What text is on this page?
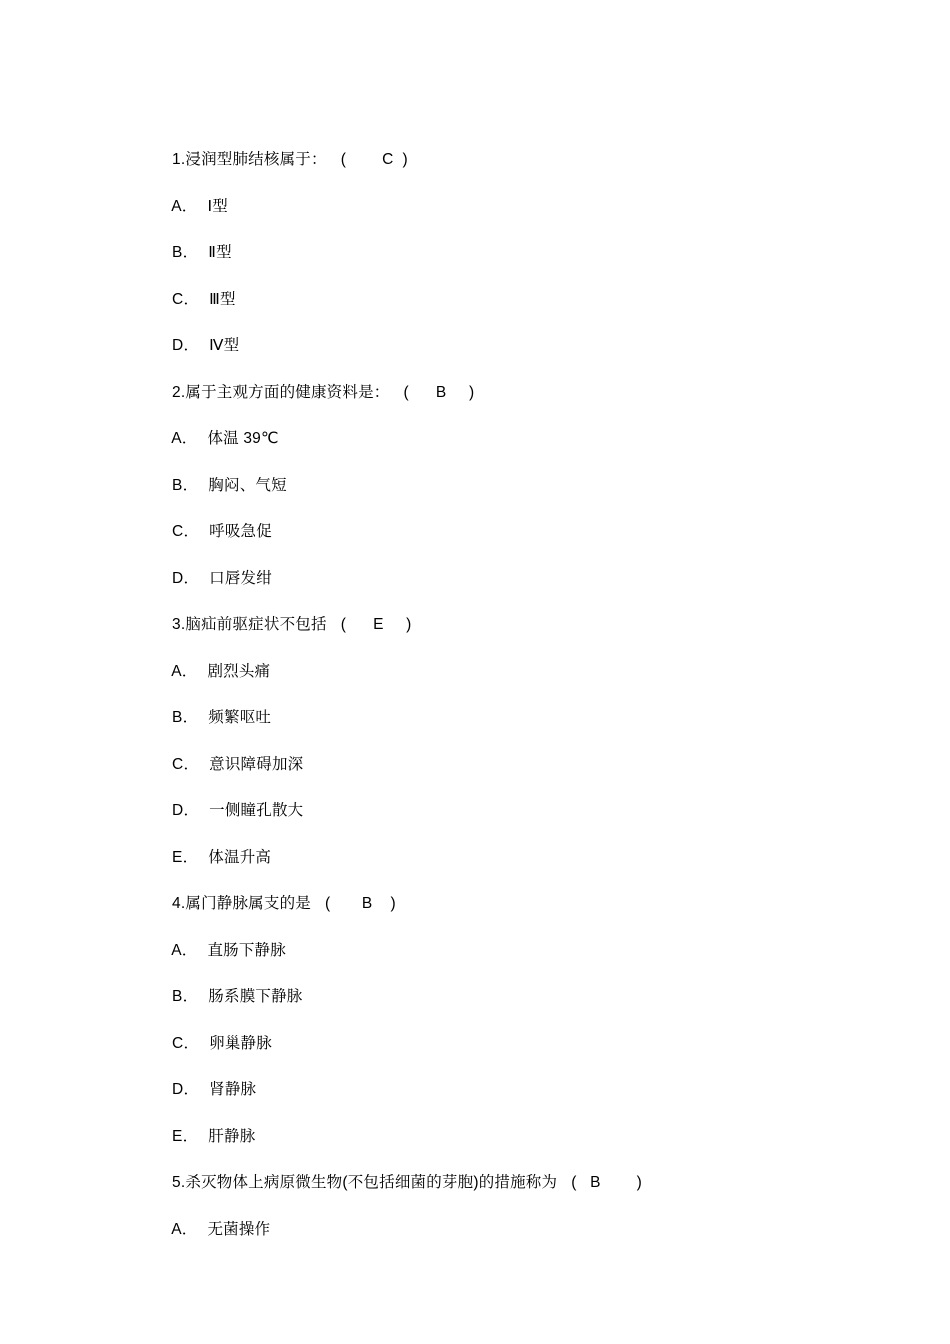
1.浸润型肺结核属于： (        C  )

A． Ⅰ型

B． Ⅱ型

C． Ⅲ型

D． Ⅳ型

2.属于主观方面的健康资料是： (      B     )

A． 体温 39℃

B． 胸闷、气短

C． 呼吸急促

D． 口唇发绀

3.脑疝前驱症状不包括 (      E     )

A． 剧烈头痛

B． 频繁呕吐

C． 意识障碍加深

D． 一侧瞳孔散大

E． 体温升高

4.属门静脉属支的是 (       B    )

A． 直肠下静脉

B． 肠系膜下静脉

C． 卵巢静脉

D． 肾静脉

E． 肝静脉

5.杀灭物体上病原微生物(不包括细菌的芽胞)的措施称为 (   B        )

A． 无菌操作
